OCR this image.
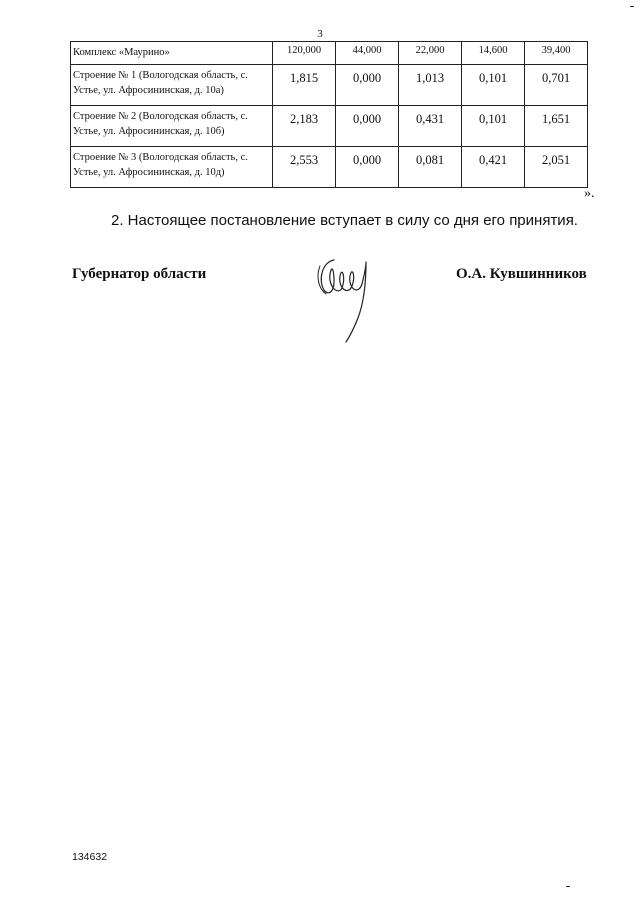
3
Комплекс «Маурино»	120,000	44,000	22,000	14,600	39,400
Строение № 1 (Вологодская область, с. Устье, ул. Афросининская, д. 10а)	1,815	0,000	1,013	0,101	0,701
Строение № 2 (Вологодская область, с. Устье, ул. Афросининская, д. 10б)	2,183	0,000	0,431	0,101	1,651
Строение № 3 (Вологодская область, с. Устье, ул. Афросининская, д. 10д)	2,553	0,000	0,081	0,421	2,051
».
2. Настоящее постановление вступает в силу со дня его принятия.
Губернатор области	О.А. Кувшинников
134632
